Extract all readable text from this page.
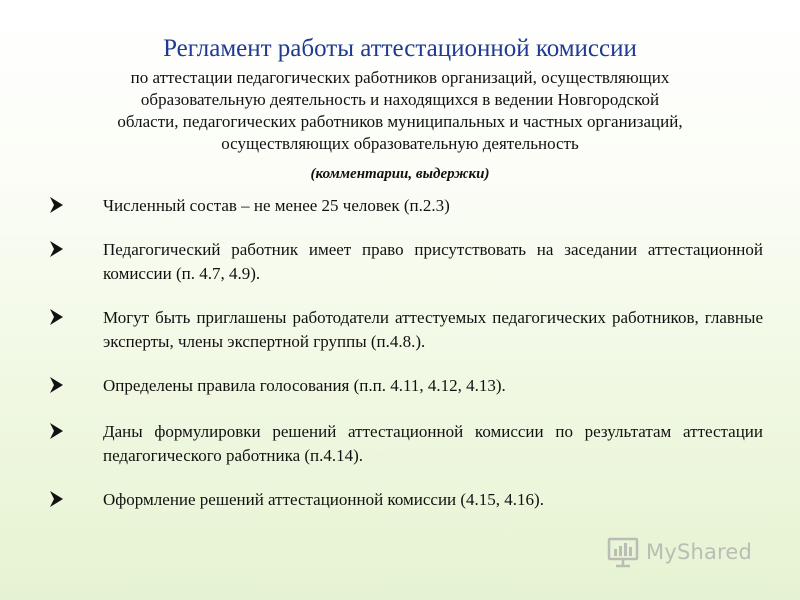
Регламент работы аттестационной комиссии
по аттестации педагогических работников организаций, осуществляющих
образовательную деятельность и находящихся в ведении Новгородской
области, педагогических работников муниципальных и частных организаций,
осуществляющих образовательную деятельность
(комментарии, выдержки)
Численный состав – не менее 25 человек (п.2.3)
Педагогический работник имеет право присутствовать на заседании аттестационной комиссии (п. 4.7, 4.9).
Могут быть приглашены работодатели аттестуемых педагогических работников, главные эксперты, члены экспертной группы (п.4.8.).
Определены правила голосования (п.п. 4.11, 4.12, 4.13).
Даны формулировки решений аттестационной комиссии по результатам аттестации педагогического работника (п.4.14).
Оформление решений аттестационной комиссии (4.15, 4.16).
MyShared
